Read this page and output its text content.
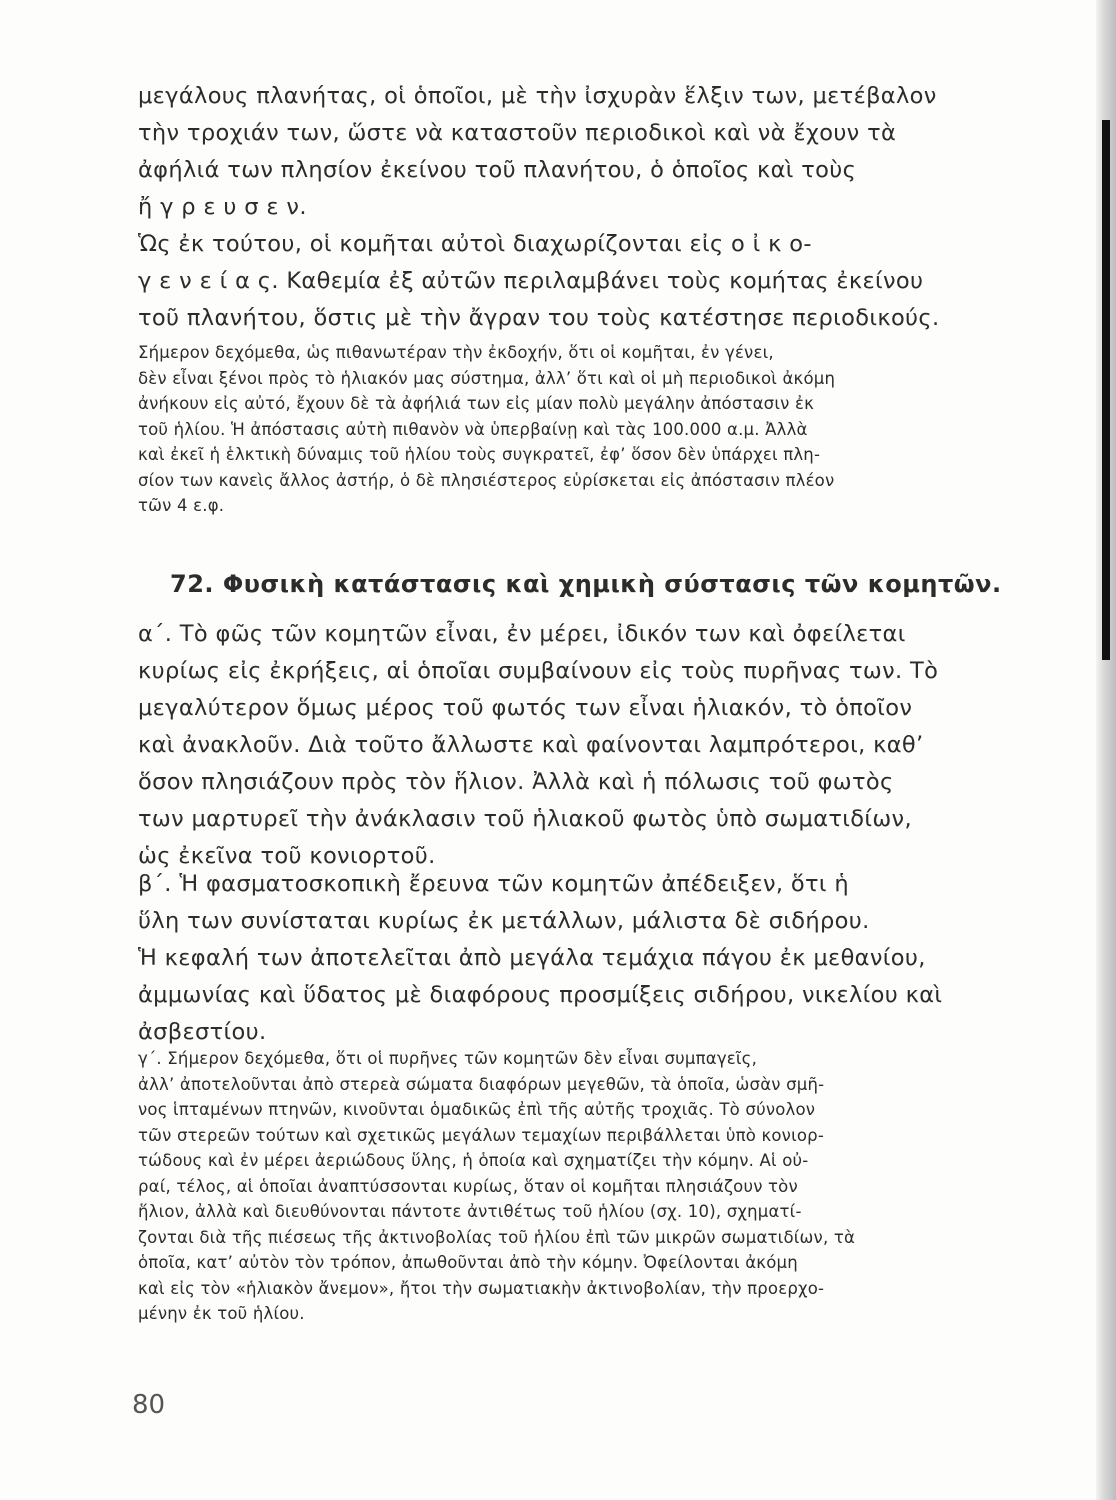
μεγάλους πλανήτας, οἱ ὁποῖοι, μὲ τὴν ἰσχυρὰν ἕλξιν των, μετέβαλον
τὴν τροχιάν των, ὥστε νὰ καταστοῦν περιοδικοὶ καὶ νὰ ἔχουν τὰ
ἀφήλιά των πλησίον ἐκείνου τοῦ πλανήτου, ὁ ὁποῖος καὶ τοὺς
ἤ γ ρ ε υ σ ε ν.
Ὡς ἐκ τούτου, οἱ κομῆται αὐτοὶ διαχωρίζονται εἰς ο ἰ κ ο-
γ ε ν ε ί α ς. Καθεμία ἐξ αὐτῶν περιλαμβάνει τοὺς κομήτας ἐκείνου
τοῦ πλανήτου, ὅστις μὲ τὴν ἄγραν του τοὺς κατέστησε περιοδικούς.
Σήμερον δεχόμεθα, ὡς πιθανωτέραν τὴν ἐκδοχήν, ὅτι οἱ κομῆται, ἐν γένει,
δὲν εἶναι ξένοι πρὸς τὸ ἡλιακόν μας σύστημα, ἀλλ’ ὅτι καὶ οἱ μὴ περιοδικοὶ ἀκόμη
ἀνήκουν εἰς αὐτό, ἔχουν δὲ τὰ ἀφήλιά των εἰς μίαν πολὺ μεγάλην ἀπόστασιν ἐκ
τοῦ ἡλίου. Ἡ ἀπόστασις αὐτὴ πιθανὸν νὰ ὑπερβαίνῃ καὶ τὰς 100.000 α.μ. Ἀλλὰ
καὶ ἐκεῖ ἡ ἑλκτικὴ δύναμις τοῦ ἡλίου τοὺς συγκρατεῖ, ἐφ’ ὅσον δὲν ὑπάρχει πλη-
σίον των κανεὶς ἄλλος ἀστήρ, ὁ δὲ πλησιέστερος εὑρίσκεται εἰς ἀπόστασιν πλέον
τῶν 4 ε.φ.
72. Φυσικὴ κατάστασις καὶ χημικὴ σύστασις τῶν κομητῶν.
α΄. Τὸ φῶς τῶν κομητῶν εἶναι, ἐν μέρει, ἰδικόν των καὶ ὀφείλεται
κυρίως εἰς ἐκρήξεις, αἱ ὁποῖαι συμβαίνουν εἰς τοὺς πυρῆνας των. Τὸ
μεγαλύτερον ὅμως μέρος τοῦ φωτός των εἶναι ἡλιακόν, τὸ ὁποῖον
καὶ ἀνακλοῦν. Διὰ τοῦτο ἄλλωστε καὶ φαίνονται λαμπρότεροι, καθ’
ὅσον πλησιάζουν πρὸς τὸν ἥλιον. Ἀλλὰ καὶ ἡ πόλωσις τοῦ φωτὸς
των μαρτυρεῖ τὴν ἀνάκλασιν τοῦ ἡλιακοῦ φωτὸς ὑπὸ σωματιδίων,
ὡς ἐκεῖνα τοῦ κονιορτοῦ.
β΄. Ἡ φασματοσκοπικὴ ἔρευνα τῶν κομητῶν ἀπέδειξεν, ὅτι ἡ
ὕλη των συνίσταται κυρίως ἐκ μετάλλων, μάλιστα δὲ σιδήρου.
Ἡ κεφαλή των ἀποτελεῖται ἀπὸ μεγάλα τεμάχια πάγου ἐκ μεθανίου,
ἀμμωνίας καὶ ὕδατος μὲ διαφόρους προσμίξεις σιδήρου, νικελίου καὶ
ἀσβεστίου.
γ΄. Σήμερον δεχόμεθα, ὅτι οἱ πυρῆνες τῶν κομητῶν δὲν εἶναι συμπαγεῖς,
ἀλλ’ ἀποτελοῦνται ἀπὸ στερεὰ σώματα διαφόρων μεγεθῶν, τὰ ὁποῖα, ὡσὰν σμῆ-
νος ἱπταμένων πτηνῶν, κινοῦνται ὁμαδικῶς ἐπὶ τῆς αὐτῆς τροχιᾶς. Τὸ σύνολον
τῶν στερεῶν τούτων καὶ σχετικῶς μεγάλων τεμαχίων περιβάλλεται ὑπὸ κονιορ-
τώδους καὶ ἐν μέρει ἀεριώδους ὕλης, ἡ ὁποία καὶ σχηματίζει τὴν κόμην. Αἱ οὐ-
ραί, τέλος, αἱ ὁποῖαι ἀναπτύσσονται κυρίως, ὅταν οἱ κομῆται πλησιάζουν τὸν
ἥλιον, ἀλλὰ καὶ διευθύνονται πάντοτε ἀντιθέτως τοῦ ἡλίου (σχ. 10), σχηματί-
ζονται διὰ τῆς πιέσεως τῆς ἀκτινοβολίας τοῦ ἡλίου ἐπὶ τῶν μικρῶν σωματιδίων, τὰ
ὁποῖα, κατ’ αὐτὸν τὸν τρόπον, ἀπωθοῦνται ἀπὸ τὴν κόμην. Ὀφείλονται ἀκόμη
καὶ εἰς τὸν «ἡλιακὸν ἄνεμον», ἤτοι τὴν σωματιακὴν ἀκτινοβολίαν, τὴν προερχο-
μένην ἐκ τοῦ ἡλίου.
80
